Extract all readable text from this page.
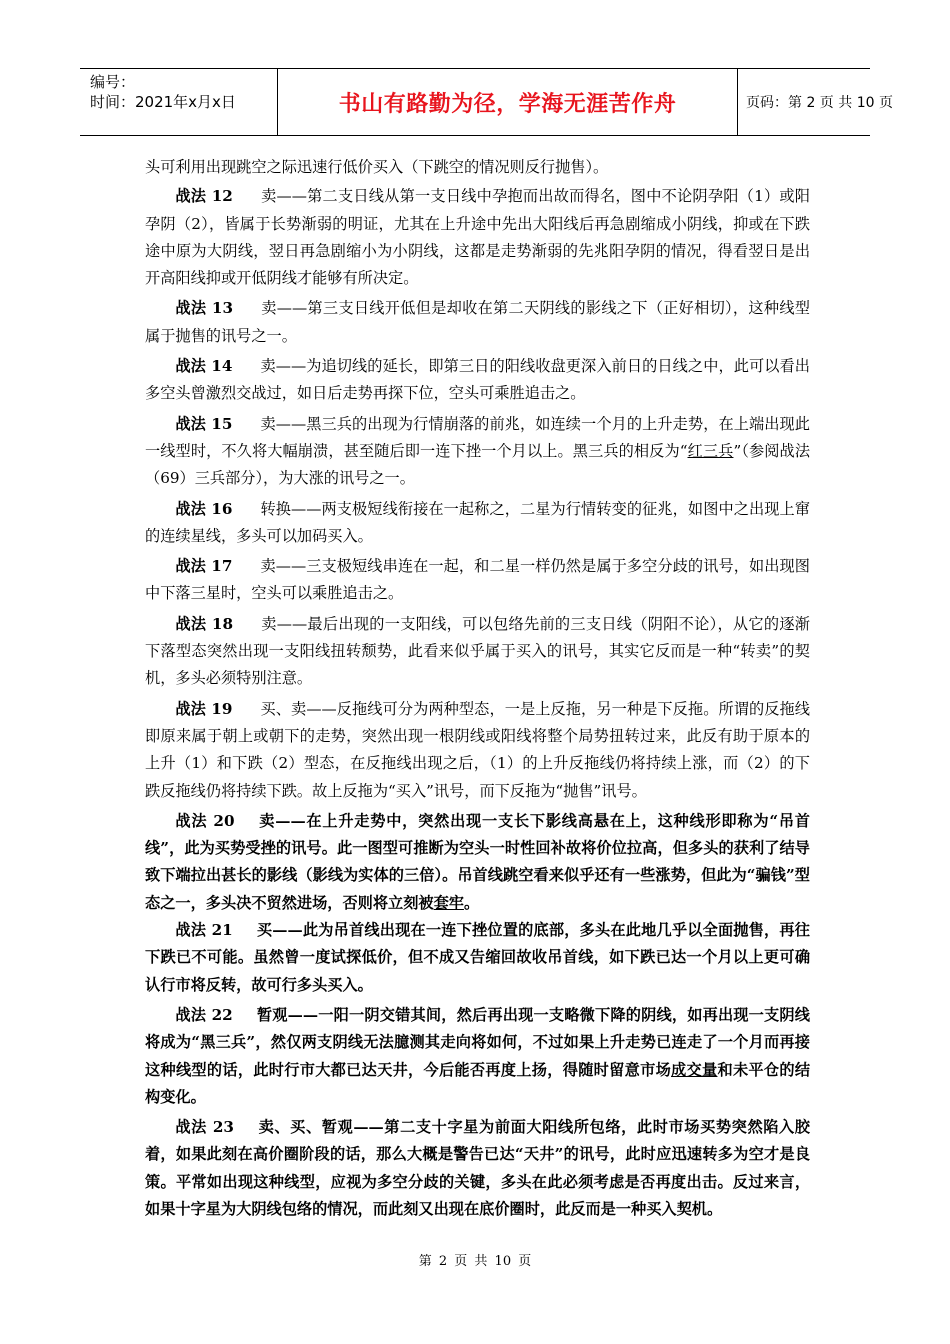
编号：
时间：2021年x月x日	书山有路勤为径，学海无涯苦作舟	页码：第 2 页 共 10 页

头可利用出现跳空之际迅速行低价买入（下跳空的情况则反行抛售）。

战法 12 卖——第二支日线从第一支日线中孕抱而出故而得名，图中不论阴孕阳（1）或阳孕阴（2），皆属于长势渐弱的明证，尤其在上升途中先出大阳线后再急剧缩成小阴线，抑或在下跌途中原为大阴线，翌日再急剧缩小为小阴线，这都是走势渐弱的先兆阳孕阴的情况，得看翌日是出开高阳线抑或开低阴线才能够有所决定。

战法 13 卖——第三支日线开低但是却收在第二天阴线的影线之下（正好相切），这种线型属于抛售的讯号之一。

战法 14 卖——为追切线的延长，即第三日的阳线收盘更深入前日的日线之中，此可以看出多空头曾激烈交战过，如日后走势再探下位，空头可乘胜追击之。

战法 15 卖——黑三兵的出现为行情崩落的前兆，如连续一个月的上升走势，在上端出现此一线型时，不久将大幅崩溃，甚至随后即一连下挫一个月以上。黑三兵的相反为“红三兵”（参阅战法（69）三兵部分），为大涨的讯号之一。

战法 16 转换——两支极短线衔接在一起称之，二星为行情转变的征兆，如图中之出现上窜的连续星线，多头可以加码买入。

战法 17 卖——三支极短线串连在一起，和二星一样仍然是属于多空分歧的讯号，如出现图中下落三星时，空头可以乘胜追击之。

战法 18 卖——最后出现的一支阳线，可以包络先前的三支日线（阴阳不论），从它的逐渐下落型态突然出现一支阳线扭转颓势，此看来似乎属于买入的讯号，其实它反而是一种“转卖”的契机，多头必须特别注意。

战法 19 买、卖——反拖线可分为两种型态，一是上反拖，另一种是下反拖。所谓的反拖线即原来属于朝上或朝下的走势，突然出现一根阴线或阳线将整个局势扭转过来，此反有助于原本的上升（1）和下跌（2）型态，在反拖线出现之后，（1）的上升反拖线仍将持续上涨，而（2）的下跌反拖线仍将持续下跌。故上反拖为“买入”讯号，而下反拖为“抛售”讯号。

战法 20 卖——在上升走势中，突然出现一支长下影线高悬在上，这种线形即称为“吊首线”，此为买势受挫的讯号。此一图型可推断为空头一时性回补故将价位拉高，但多头的获利了结导致下端拉出甚长的影线（影线为实体的三倍）。吊首线跳空看来似乎还有一些涨势，但此为“骗钱”型态之一，多头决不贸然进场，否则将立刻被套牢。

战法 21 买——此为吊首线出现在一连下挫位置的底部，多头在此地几乎以全面抛售，再往下跌已不可能。虽然曾一度试探低价，但不成又告缩回故收吊首线，如下跌已达一个月以上更可确认行市将反转，故可行多头买入。

战法 22 暂观——一阳一阴交错其间，然后再出现一支略微下降的阴线，如再出现一支阴线将成为“黑三兵”，然仅两支阴线无法臆测其走向将如何，不过如果上升走势已连走了一个月而再接这种线型的话，此时行市大都已达天井，今后能否再度上扬，得随时留意市场成交量和未平仓的结构变化。

战法 23 卖、买、暂观——第二支十字星为前面大阳线所包络，此时市场买势突然陷入胶着，如果此刻在高价圈阶段的话，那么大概是警告已达“天井”的讯号，此时应迅速转多为空才是良策。平常如出现这种线型，应视为多空分歧的关键，多头在此必须考虑是否再度出击。反过来言，如果十字星为大阴线包络的情况，而此刻又出现在底价圈时，此反而是一种买入契机。

第 2 页 共 10 页
